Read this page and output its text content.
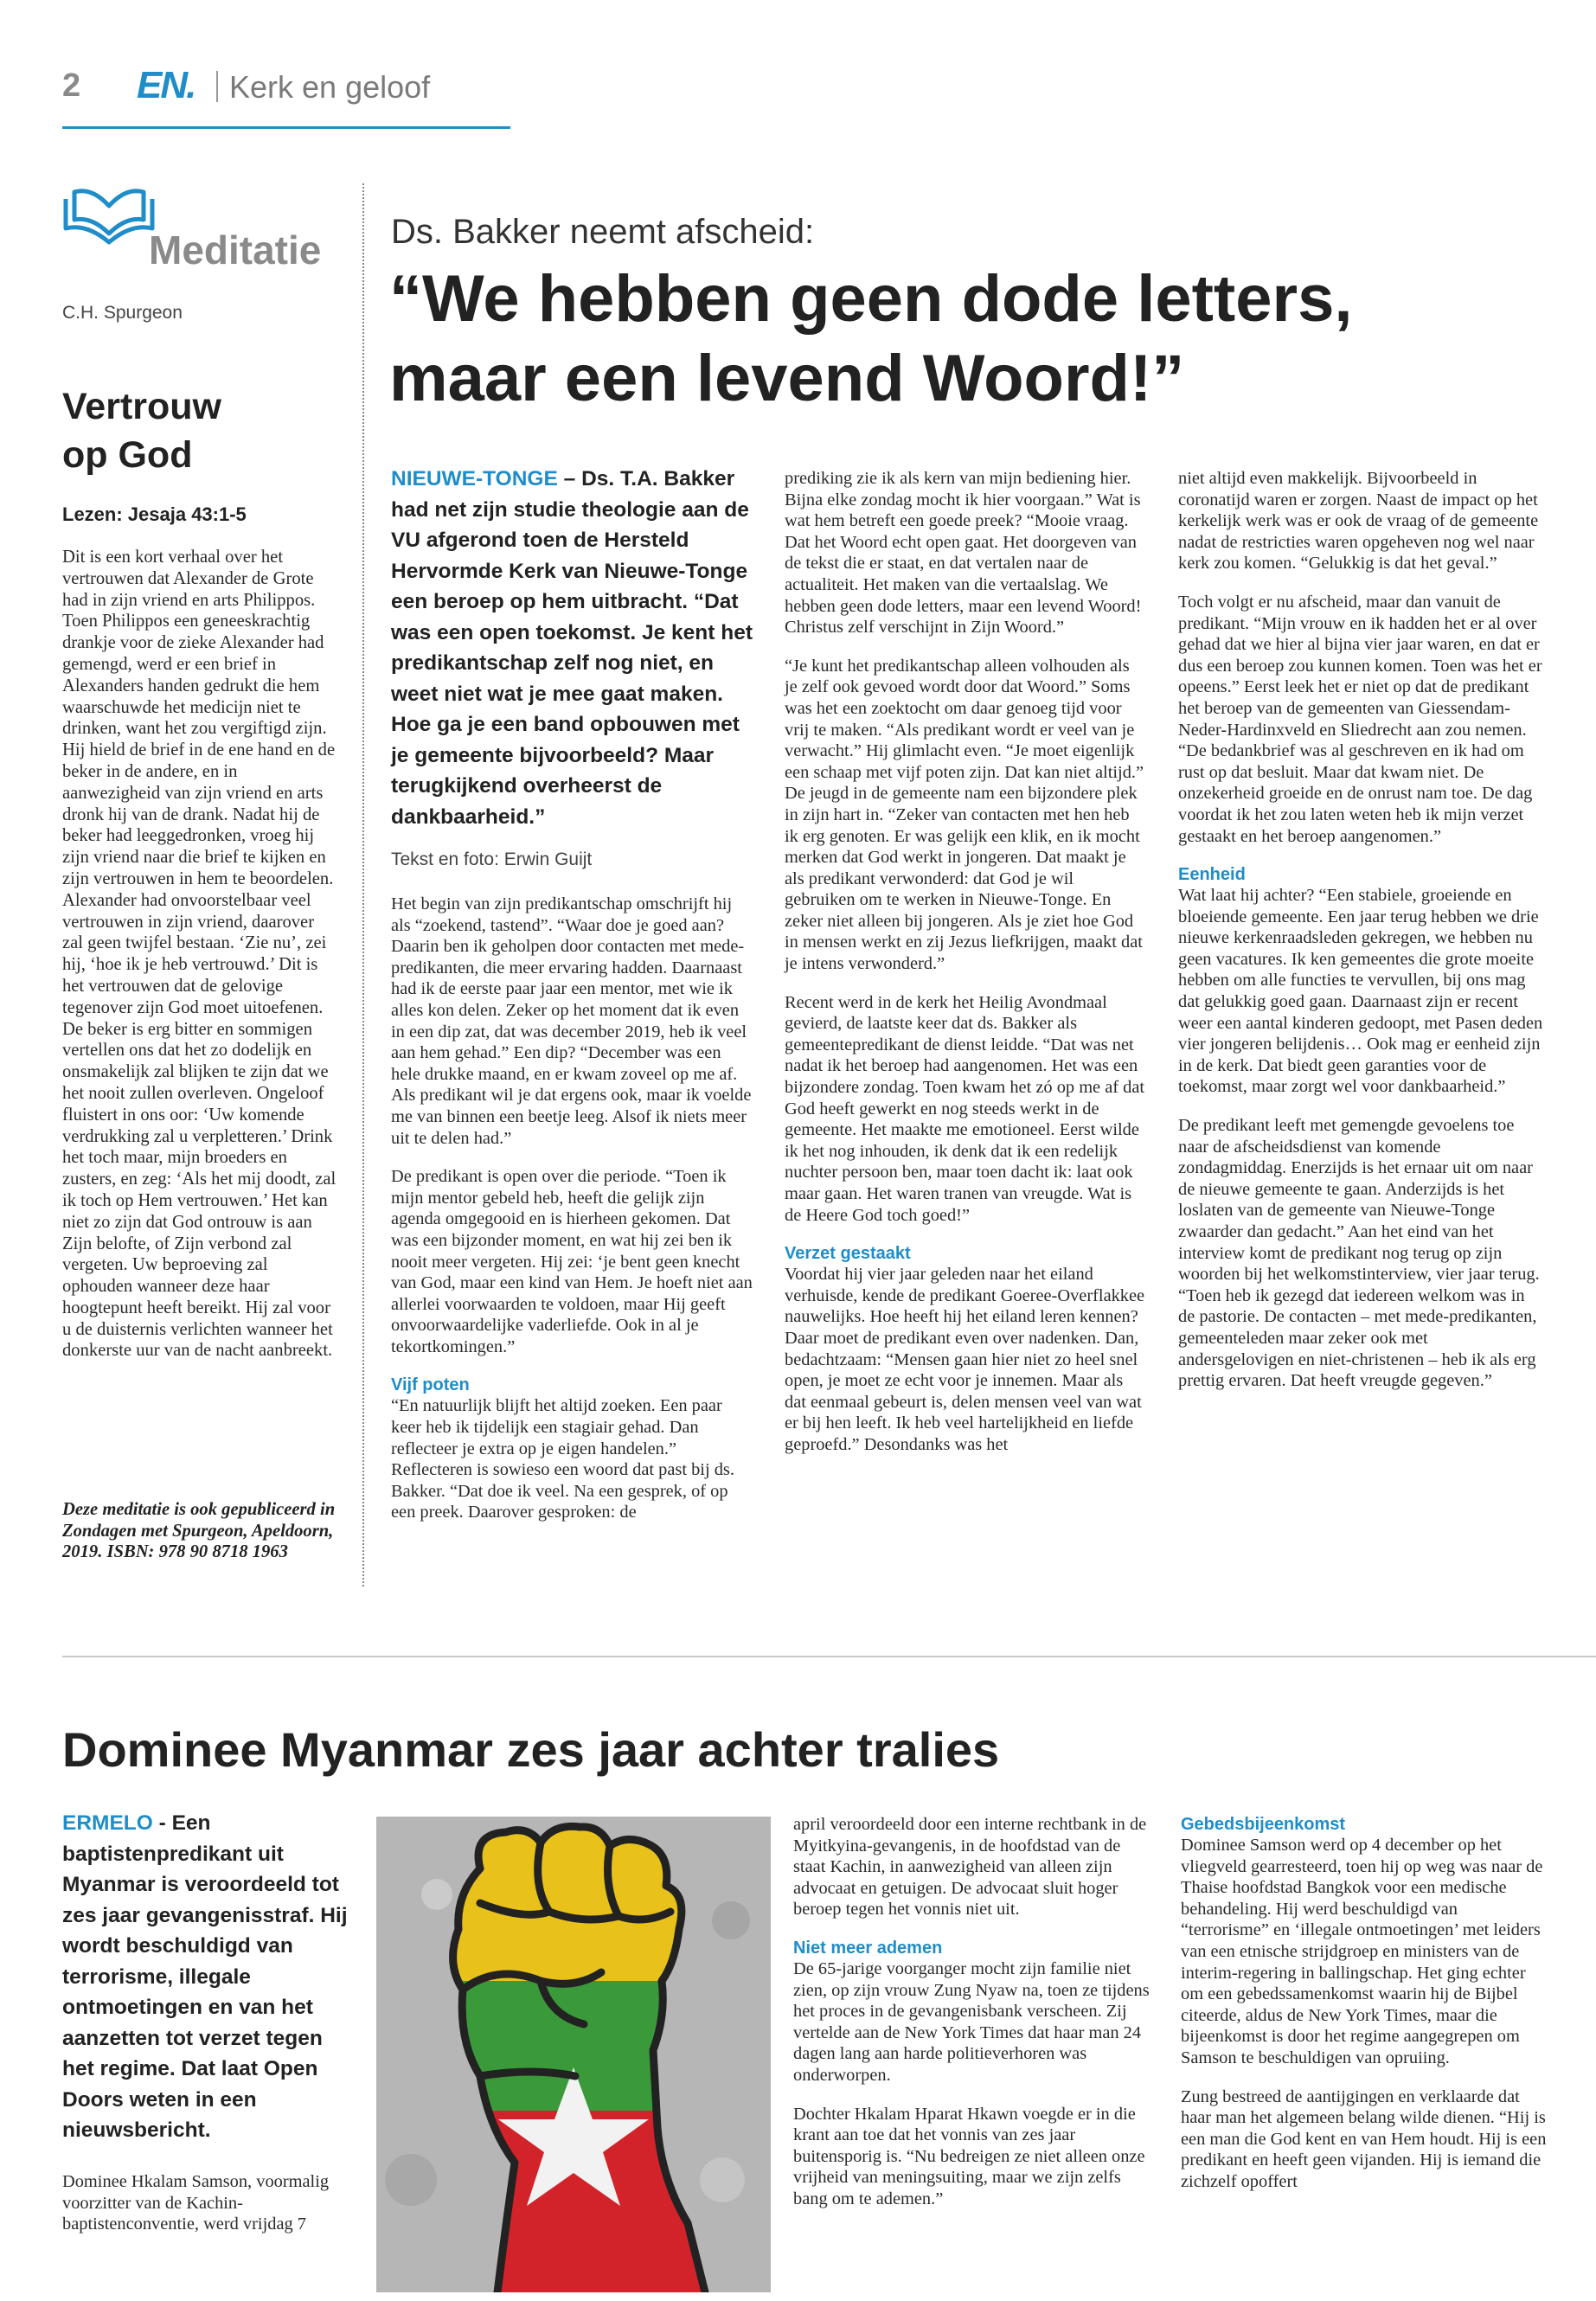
2 EN. Kerk en geloof
Meditatie
C.H. Spurgeon
Vertrouw
op God
Lezen: Jesaja 43:1-5
Dit is een kort verhaal over het vertrouwen dat Alexander de Grote had in zijn vriend en arts Philippos. Toen Philippos een geneeskrachtig drankje voor de zieke Alexander had gemengd, werd er een brief in Alexanders handen gedrukt die hem waarschuwde het medicijn niet te drinken, want het zou vergiftigd zijn. Hij hield de brief in de ene hand en de beker in de andere, en in aanwezigheid van zijn vriend en arts dronk hij van de drank. Nadat hij de beker had leeggedronken, vroeg hij zijn vriend naar die brief te kijken en zijn vertrouwen in hem te beoordelen. Alexander had onvoorstelbaar veel vertrouwen in zijn vriend, daarover zal geen twijfel bestaan. ‘Zie nu’, zei hij, ‘hoe ik je heb vertrouwd.’ Dit is het vertrouwen dat de gelovige tegenover zijn God moet uitoefenen. De beker is erg bitter en sommigen vertellen ons dat het zo dodelijk en onsmakelijk zal blijken te zijn dat we het nooit zullen overleven. Ongeloof fluistert in ons oor: ‘Uw komende verdrukking zal u verpletteren.’ Drink het toch maar, mijn broeders en zusters, en zeg: ‘Als het mij doodt, zal ik toch op Hem vertrouwen.’ Het kan niet zo zijn dat God ontrouw is aan Zijn belofte, of Zijn verbond zal vergeten. Uw beproeving zal ophouden wanneer deze haar hoogtepunt heeft bereikt. Hij zal voor u de duisternis verlichten wanneer het donkerste uur van de nacht aanbreekt.
Deze meditatie is ook gepubliceerd in Zondagen met Spurgeon, Apeldoorn, 2019. ISBN: 978 90 8718 1963
Ds. Bakker neemt afscheid:
“We hebben geen dode letters,
maar een levend Woord!”
NIEUWE-TONGE – Ds. T.A. Bakker had net zijn studie theologie aan de VU afgerond toen de Hersteld Hervormde Kerk van Nieuwe-Tonge een beroep op hem uitbracht. “Dat was een open toekomst. Je kent het predikantschap zelf nog niet, en weet niet wat je mee gaat maken. Hoe ga je een band opbouwen met je gemeente bijvoorbeeld? Maar terugkijkend overheerst de dankbaarheid.”
Tekst en foto: Erwin Guijt

Het begin van zijn predikantschap omschrijft hij als “zoekend, tastend”. “Waar doe je goed aan? Daarin ben ik geholpen door contacten met mede-predikanten, die meer ervaring hadden. Daarnaast had ik de eerste paar jaar een mentor, met wie ik alles kon delen. Zeker op het moment dat ik even in een dip zat, dat was december 2019, heb ik veel aan hem gehad.” Een dip? “December was een hele drukke maand, en er kwam zoveel op me af. Als predikant wil je dat ergens ook, maar ik voelde me van binnen een beetje leeg. Alsof ik niets meer uit te delen had.”

De predikant is open over die periode. “Toen ik mijn mentor gebeld heb, heeft die gelijk zijn agenda omgegooid en is hierheen gekomen. Dat was een bijzonder moment, en wat hij zei ben ik nooit meer vergeten. Hij zei: ‘je bent geen knecht van God, maar een kind van Hem. Je hoeft niet aan allerlei voorwaarden te voldoen, maar Hij geeft onvoorwaardelijke vaderliefde. Ook in al je tekortkomingen.”

Vijf poten

“En natuurlijk blijft het altijd zoeken. Een paar keer heb ik tijdelijk een stagiair gehad. Dan reflecteer je extra op je eigen handelen.” Reflecteren is sowieso een woord dat past bij ds. Bakker. “Dat doe ik veel. Na een gesprek, of op een preek. Daarover gesproken: de

prediking zie ik als kern van mijn bediening hier. Bijna elke zondag mocht ik hier voorgaan.” Wat is wat hem betreft een goede preek? “Mooie vraag. Dat het Woord echt open gaat. Het doorgeven van de tekst die er staat, en dat vertalen naar de actualiteit. Het maken van die vertaalslag. We hebben geen dode letters, maar een levend Woord! Christus zelf verschijnt in Zijn Woord.”

“Je kunt het predikantschap alleen volhouden als je zelf ook gevoed wordt door dat Woord.” Soms was het een zoektocht om daar genoeg tijd voor vrij te maken. “Als predikant wordt er veel van je verwacht.” Hij glimlacht even. “Je moet eigenlijk een schaap met vijf poten zijn. Dat kan niet altijd.” De jeugd in de gemeente nam een bijzondere plek in zijn hart in. “Zeker van contacten met hen heb ik erg genoten. Er was gelijk een klik, en ik mocht merken dat God werkt in jongeren. Dat maakt je als predikant verwonderd: dat God je wil gebruiken om te werken in Nieuwe-Tonge. En zeker niet alleen bij jongeren. Als je ziet hoe God in mensen werkt en zij Jezus liefkrijgen, maakt dat je intens verwonderd.”

Recent werd in de kerk het Heilig Avondmaal gevierd, de laatste keer dat ds. Bakker als gemeentepredikant de dienst leidde. “Dat was net nadat ik het beroep had aangenomen. Het was een bijzondere zondag. Toen kwam het zó op me af dat God heeft gewerkt en nog steeds werkt in de gemeente. Het maakte me emotioneel. Eerst wilde ik het nog inhouden, ik denk dat ik een redelijk nuchter persoon ben, maar toen dacht ik: laat ook maar gaan. Het waren tranen van vreugde. Wat is de Heere God toch goed!”

Verzet gestaakt

Voordat hij vier jaar geleden naar het eiland verhuisde, kende de predikant Goeree-Overflakkee nauwelijks. Hoe heeft hij het eiland leren kennen? Daar moet de predikant even over nadenken. Dan, bedachtzaam: “Mensen gaan hier niet zo heel snel open, je moet ze echt voor je innemen. Maar als dat eenmaal gebeurt is, delen mensen veel van wat er bij hen leeft. Ik heb veel hartelijkheid en liefde geproefd.” Desondanks was het

niet altijd even makkelijk. Bijvoorbeeld in coronatijd waren er zorgen. Naast de impact op het kerkelijk werk was er ook de vraag of de gemeente nadat de restricties waren opgeheven nog wel naar kerk zou komen. “Gelukkig is dat het geval.”

Toch volgt er nu afscheid, maar dan vanuit de predikant. “Mijn vrouw en ik hadden het er al over gehad dat we hier al bijna vier jaar waren, en dat er dus een beroep zou kunnen komen. Toen was het er opeens.” Eerst leek het er niet op dat de predikant het beroep van de gemeenten van Giessendam-Neder-Hardinxveld en Sliedrecht aan zou nemen. “De bedankbrief was al geschreven en ik had om rust op dat besluit. Maar dat kwam niet. De onzekerheid groeide en de onrust nam toe. De dag voordat ik het zou laten weten heb ik mijn verzet gestaakt en het beroep aangenomen.”

Eenheid

Wat laat hij achter? “Een stabiele, groeiende en bloeiende gemeente. Een jaar terug hebben we drie nieuwe kerkenraadsleden gekregen, we hebben nu geen vacatures. Ik ken gemeentes die grote moeite hebben om alle functies te vervullen, bij ons mag dat gelukkig goed gaan. Daarnaast zijn er recent weer een aantal kinderen gedoopt, met Pasen deden vier jongeren belijdenis… Ook mag er eenheid zijn in de kerk. Dat biedt geen garanties voor de toekomst, maar zorgt wel voor dankbaarheid.”

De predikant leeft met gemengde gevoelens toe naar de afscheidsdienst van komende zondagmiddag. Enerzijds is het ernaar uit om naar de nieuwe gemeente te gaan. Anderzijds is het loslaten van de gemeente van Nieuwe-Tonge zwaarder dan gedacht.” Aan het eind van het interview komt de predikant nog terug op zijn woorden bij het welkomstinterview, vier jaar terug. “Toen heb ik gezegd dat iedereen welkom was in de pastorie. De contacten – met mede-predikanten, gemeenteleden maar zeker ook met andersgelovigen en niet-christenen – heb ik als erg prettig ervaren. Dat heeft vreugde gegeven.”

Dominee Myanmar zes jaar achter tralies
ERMELO - Een baptistenpredikant uit Myanmar is veroordeeld tot zes jaar gevangenisstraf. Hij wordt beschuldigd van terrorisme, illegale ontmoetingen en van het aanzetten tot verzet tegen het regime. Dat laat Open Doors weten in een nieuwsbericht.
Dominee Hkalam Samson, voormalig voorzitter van de Kachin-baptistenconventie, werd vrijdag 7

april veroordeeld door een interne rechtbank in de Myitkyina-gevangenis, in de hoofdstad van de staat Kachin, in aanwezigheid van alleen zijn advocaat en getuigen. De advocaat sluit hoger beroep tegen het vonnis niet uit.

Niet meer ademen

De 65-jarige voorganger mocht zijn familie niet zien, op zijn vrouw Zung Nyaw na, toen ze tijdens het proces in de gevangenisbank verscheen. Zij vertelde aan de New York Times dat haar man 24 dagen lang aan harde politieverhoren was onderworpen.

Dochter Hkalam Hparat Hkawn voegde er in die krant aan toe dat het vonnis van zes jaar buitensporig is. “Nu bedreigen ze niet alleen onze vrijheid van meningsuiting, maar we zijn zelfs bang om te ademen.”

Gebedsbijeenkomst

Dominee Samson werd op 4 december op het vliegveld gearresteerd, toen hij op weg was naar de Thaise hoofdstad Bangkok voor een medische behandeling. Hij werd beschuldigd van “terrorisme” en ‘illegale ontmoetingen’ met leiders van een etnische strijdgroep en ministers van de interim-regering in ballingschap. Het ging echter om een gebedssamenkomst waarin hij de Bijbel citeerde, aldus de New York Times, maar die bijeenkomst is door het regime aangegrepen om Samson te beschuldigen van opruiing.

Zung bestreed de aantijgingen en verklaarde dat haar man het algemeen belang wilde dienen. “Hij is een man die God kent en van Hem houdt. Hij is een predikant en heeft geen vijanden. Hij is iemand die zichzelf opoffert
